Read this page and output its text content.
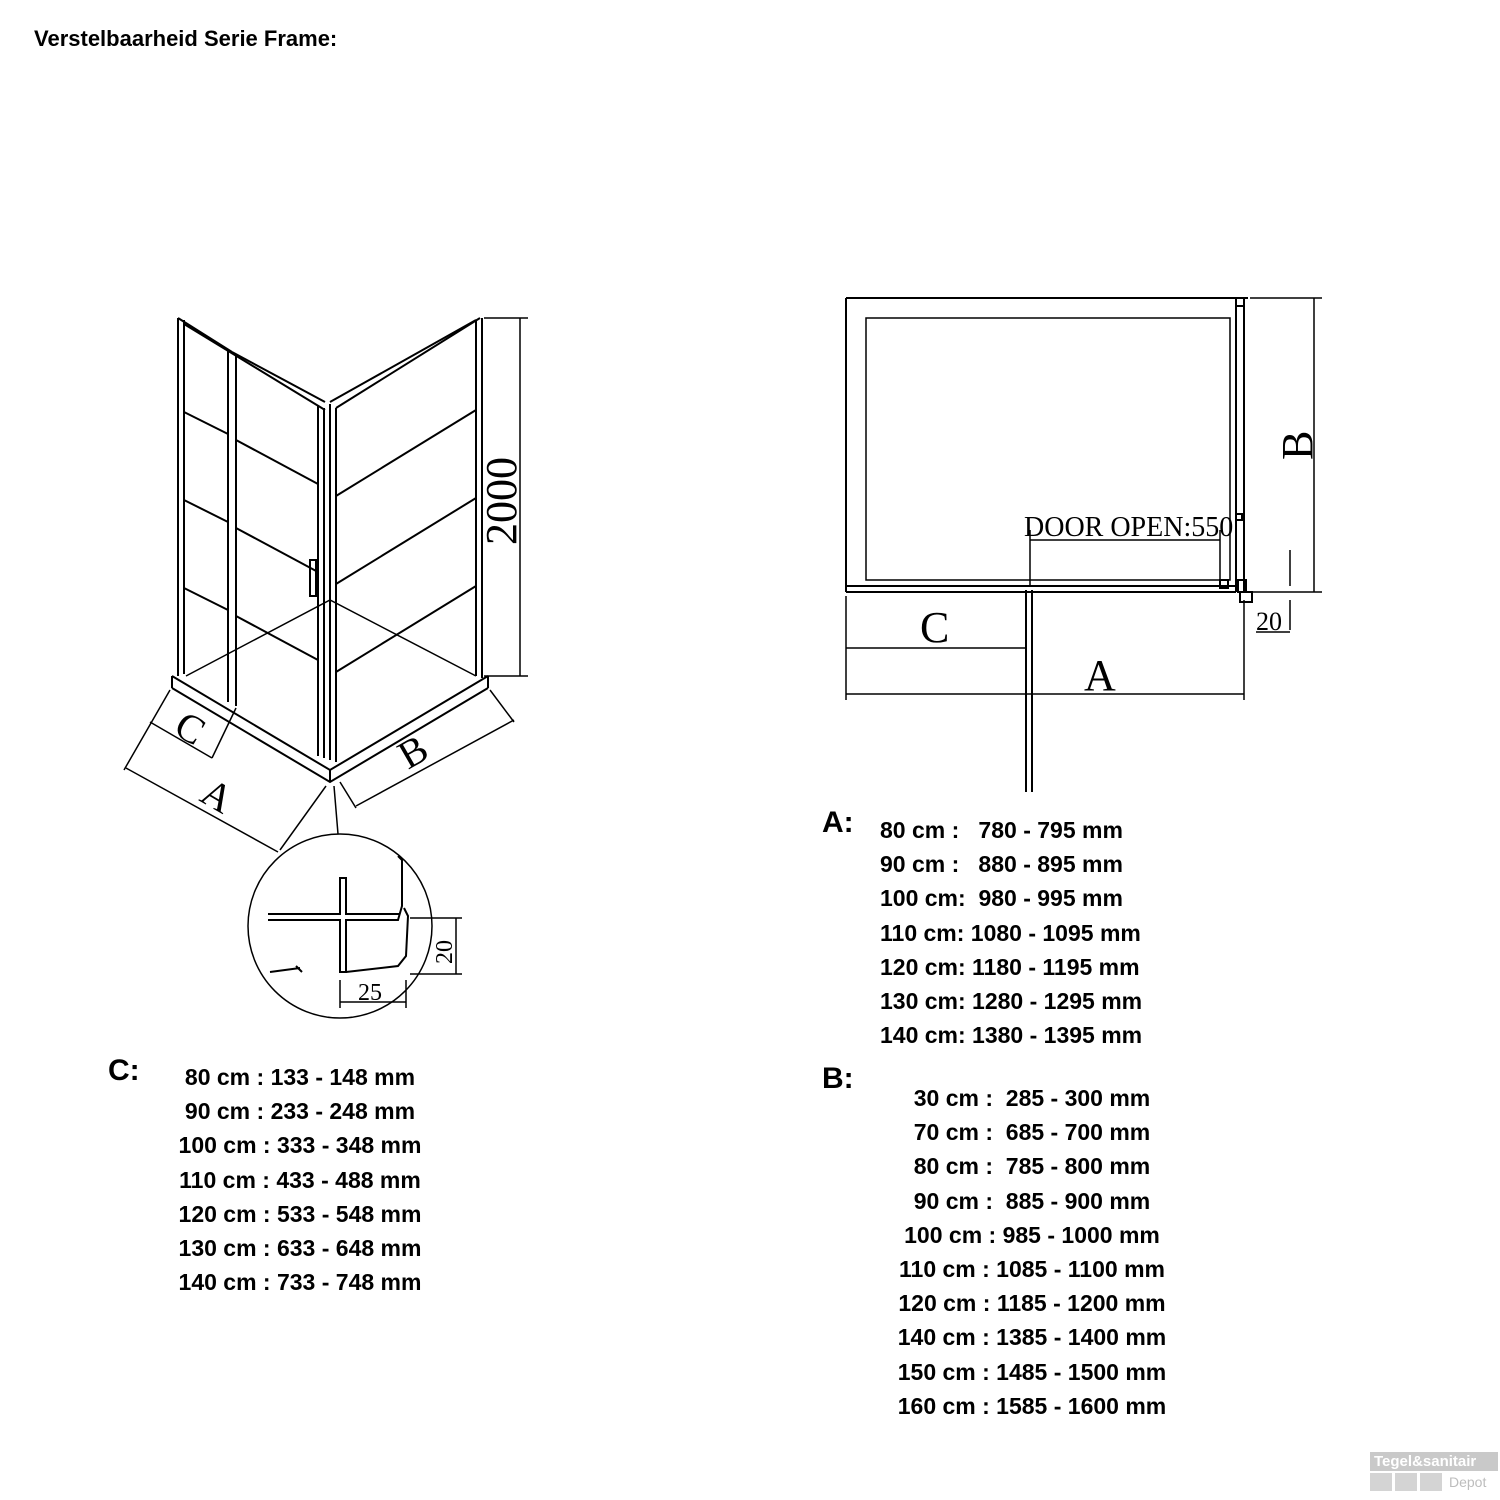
Verstelbaarheid Serie Frame:
2000
C
A
B
20
25
DOOR OPEN:550
B
C
A
20
C:	80 cm : 133 - 148 mm
90 cm : 233 - 248 mm
100 cm : 333 - 348 mm
110 cm : 433 - 488 mm
120 cm : 533 - 548 mm
130 cm : 633 - 648 mm
140 cm : 733 - 748 mm
A: 80 cm :   780 - 795 mm
90 cm :   880 - 895 mm
100 cm:  980 - 995 mm
110 cm: 1080 - 1095 mm
120 cm: 1180 - 1195 mm
130 cm: 1280 - 1295 mm
140 cm: 1380 - 1395 mm
B:
30 cm :  285 - 300 mm
70 cm :  685 - 700 mm
80 cm :  785 - 800 mm
90 cm :  885 - 900 mm
100 cm : 985 - 1000 mm
110 cm : 1085 - 1100 mm
120 cm : 1185 - 1200 mm
140 cm : 1385 - 1400 mm
150 cm : 1485 - 1500 mm
160 cm : 1585 - 1600 mm
Tegel&sanitair
Depot
